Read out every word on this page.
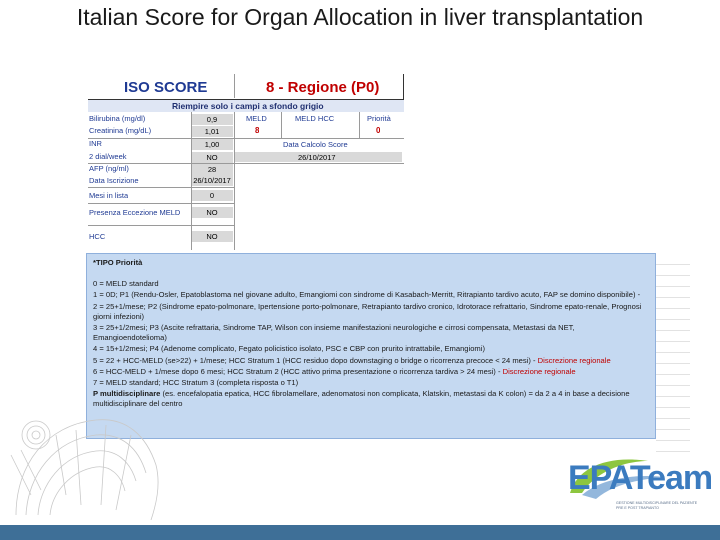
Italian Score for Organ Allocation in liver transplantation
ISO SCORE	8 - Regione (P0)
Riempire solo i campi a sfondo grigio
Bilirubina (mg/dl)
Creatinina (mg/dL)
INR
2 dial/week
AFP (ng/ml)
Data Iscrizione
Mesi in lista
Presenza Eccezione MELD
HCC
0,9
1,01
1,00
NO
28
26/10/2017
0
NO
NO
MELD
8
MELD HCC	Priorità
0
Data Calcolo Score
26/10/2017

*TIPO Priorità

0 = MELD standard

1 = 0D; P1 (Rendu-Osler, Epatoblastoma nel giovane adulto, Emangiomi con sindrome di Kasabach-Merritt, Ritrapianto tardivo acuto, FAP se domino disponibile) -

2 = 25+1/mese; P2 (Sindrome epato-polmonare, Ipertensione porto-polmonare, Retrapianto tardivo cronico, Idrotorace refrattario, Sindrome epato-renale, Prognosi giorni infezioni)

3 = 25+1/2mesi; P3 (Ascite refrattaria, Sindrome TAP, Wilson con insieme manifestazioni neurologiche e cirrosi compensata, Metastasi da NET, Emangioendotelioma)

4 = 15+1/2mesi; P4 (Adenome complicato, Fegato policistico isolato, PSC e CBP con prurito intrattabile, Emangiomi)

5 = 22 + HCC-MELD (se>22) + 1/mese; HCC Stratum 1 (HCC residuo dopo downstaging o bridge o ricorrenza precoce < 24 mesi) - Discrezione regionale

6 = HCC-MELD + 1/mese dopo 6 mesi; HCC Stratum 2 (HCC attivo prima presentazione o ricorrenza tardiva > 24 mesi) - Discrezione regionale

7 = MELD standard; HCC Stratum 3 (completa risposta o T1)

P multidisciplinare (es. encefalopatia epatica, HCC fibrolamellare, adenomatosi non complicata, Klatskin, metastasi da K colon) = da 2 a 4 in base a decisione multidisciplinare del centro

EPATeam
GESTIONE MULTIDISCIPLINARE DEL PAZIENTE PRE E POST TRAPIANTO
